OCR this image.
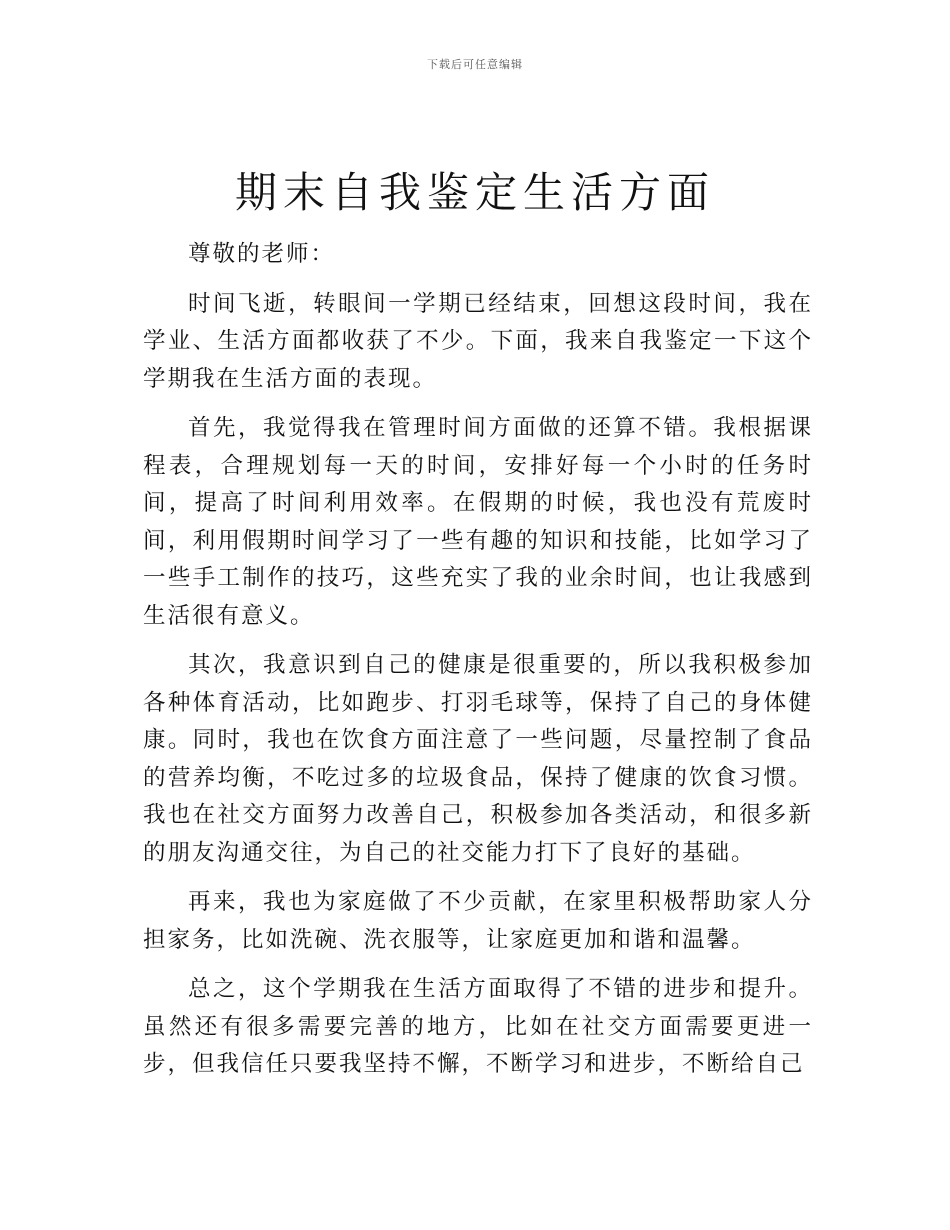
下载后可任意编辑
期末自我鉴定生活方面

尊敬的老师：

时间飞逝，转眼间一学期已经结束，回想这段时间，我在学业、生活方面都收获了不少。下面，我来自我鉴定一下这个学期我在生活方面的表现。

首先，我觉得我在管理时间方面做的还算不错。我根据课程表，合理规划每一天的时间，安排好每一个小时的任务时间，提高了时间利用效率。在假期的时候，我也没有荒废时间，利用假期时间学习了一些有趣的知识和技能，比如学习了一些手工制作的技巧，这些充实了我的业余时间，也让我感到生活很有意义。

其次，我意识到自己的健康是很重要的，所以我积极参加各种体育活动，比如跑步、打羽毛球等，保持了自己的身体健康。同时，我也在饮食方面注意了一些问题，尽量控制了食品的营养均衡，不吃过多的垃圾食品，保持了健康的饮食习惯。我也在社交方面努力改善自己，积极参加各类活动，和很多新的朋友沟通交往，为自己的社交能力打下了良好的基础。

再来，我也为家庭做了不少贡献，在家里积极帮助家人分担家务，比如洗碗、洗衣服等，让家庭更加和谐和温馨。

总之，这个学期我在生活方面取得了不错的进步和提升。虽然还有很多需要完善的地方，比如在社交方面需要更进一步，但我信任只要我坚持不懈，不断学习和进步，不断给自己
